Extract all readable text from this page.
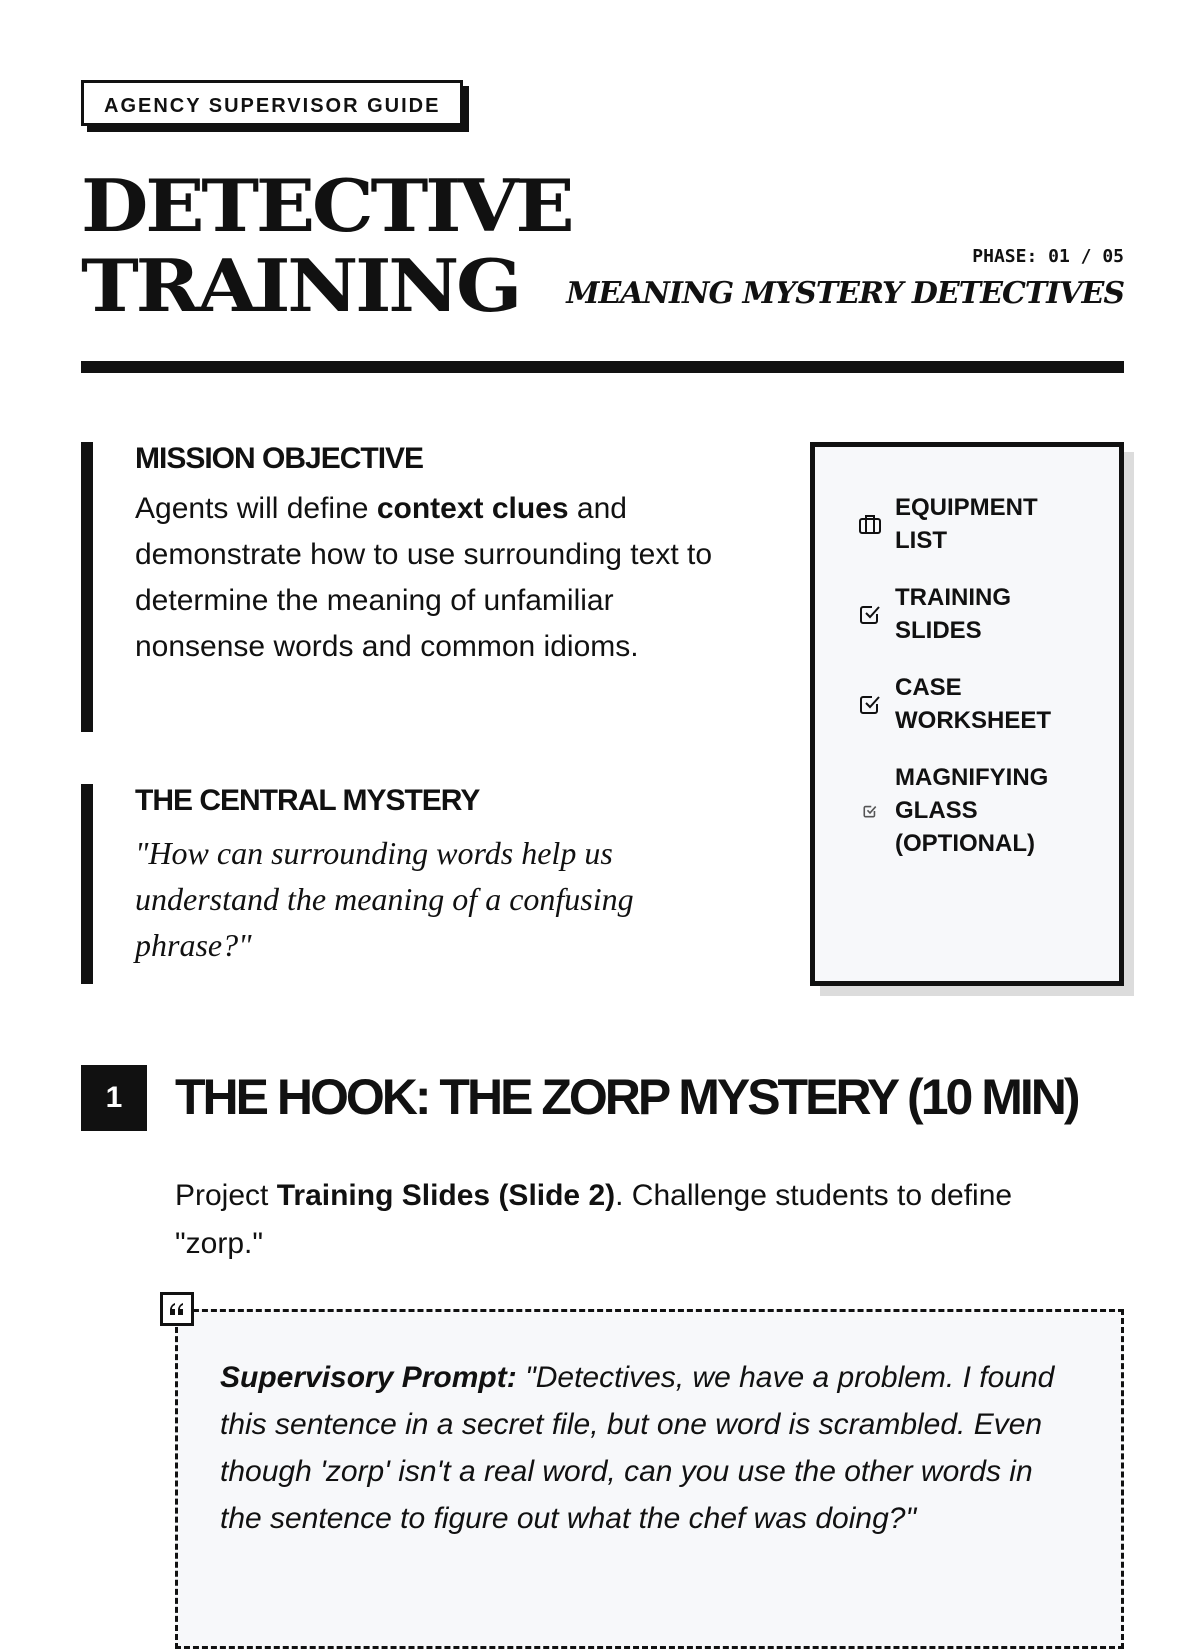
AGENCY SUPERVISOR GUIDE
DETECTIVE
TRAINING	PHASE: 01 / 05
MEANING MYSTERY DETECTIVES
MISSION OBJECTIVE

Agents will define context clues and demonstrate how to use surrounding text to determine the meaning of unfamiliar nonsense words and common idioms.

THE CENTRAL MYSTERY

"How can surrounding words help us understand the meaning of a confusing phrase?"

EQUIPMENT LIST
TRAINING SLIDES
CASE WORKSHEET
MAGNIFYING GLASS (OPTIONAL)
1	THE HOOK: THE ZORP MYSTERY (10 MIN)

Project Training Slides (Slide 2). Challenge students to define "zorp."

Supervisory Prompt: "Detectives, we have a problem. I found this sentence in a secret file, but one word is scrambled. Even though 'zorp' isn't a real word, can you use the other words in the sentence to figure out what the chef was doing?"
